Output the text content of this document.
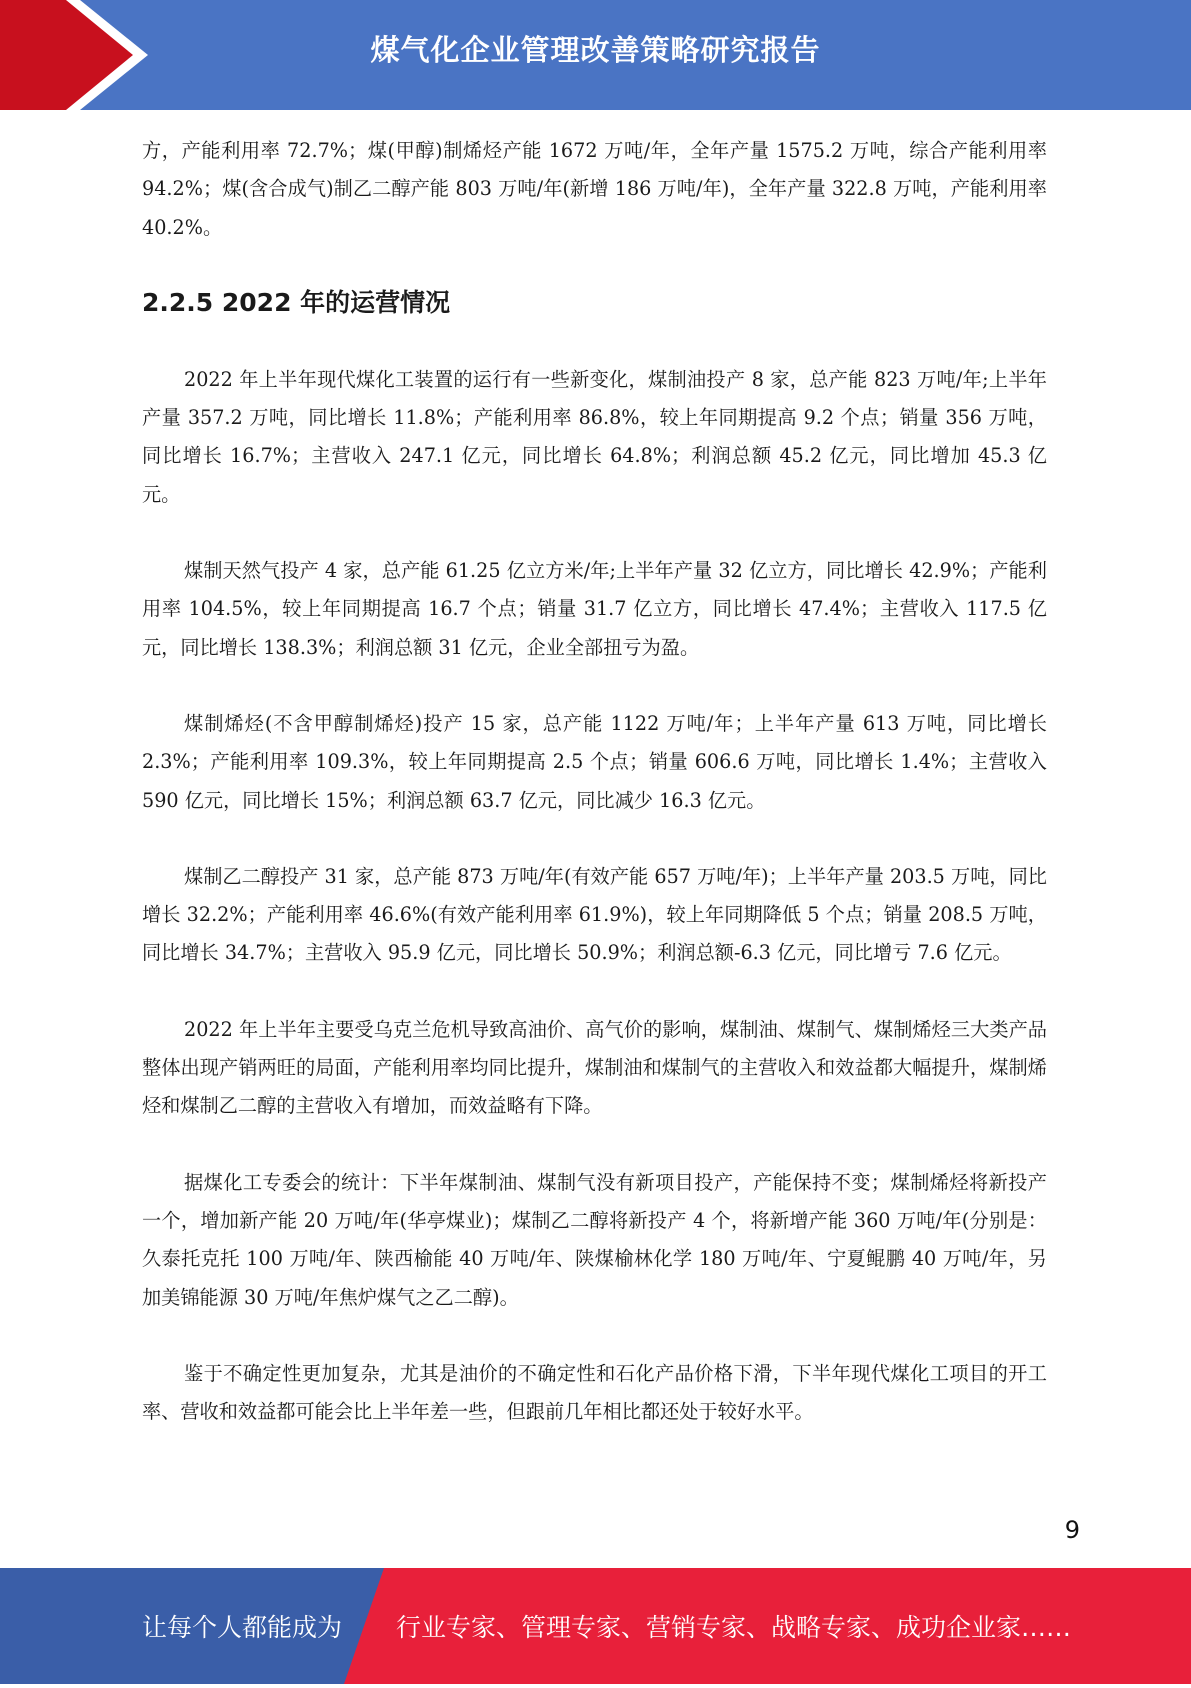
煤气化企业管理改善策略研究报告

方，产能利用率 72.7%；煤(甲醇)制烯烃产能 1672 万吨/年，全年产量 1575.2 万吨，综合产能利用率 94.2%；煤(含合成气)制乙二醇产能 803 万吨/年(新增 186 万吨/年)，全年产量 322.8 万吨，产能利用率 40.2%。

2.2.5 2022 年的运营情况

2022 年上半年现代煤化工装置的运行有一些新变化，煤制油投产 8 家，总产能 823 万吨/年;上半年产量 357.2 万吨，同比增长 11.8%；产能利用率 86.8%，较上年同期提高 9.2 个点；销量 356 万吨，同比增长 16.7%；主营收入 247.1 亿元，同比增长 64.8%；利润总额 45.2 亿元，同比增加 45.3 亿元。

煤制天然气投产 4 家，总产能 61.25 亿立方米/年;上半年产量 32 亿立方，同比增长 42.9%；产能利用率 104.5%，较上年同期提高 16.7 个点；销量 31.7 亿立方，同比增长 47.4%；主营收入 117.5 亿元，同比增长 138.3%；利润总额 31 亿元，企业全部扭亏为盈。

煤制烯烃(不含甲醇制烯烃)投产 15 家，总产能 1122 万吨/年；上半年产量 613 万吨，同比增长 2.3%；产能利用率 109.3%，较上年同期提高 2.5 个点；销量 606.6 万吨，同比增长 1.4%；主营收入 590 亿元，同比增长 15%；利润总额 63.7 亿元，同比减少 16.3 亿元。

煤制乙二醇投产 31 家，总产能 873 万吨/年(有效产能 657 万吨/年)；上半年产量 203.5 万吨，同比增长 32.2%；产能利用率 46.6%(有效产能利用率 61.9%)，较上年同期降低 5 个点；销量 208.5 万吨，同比增长 34.7%；主营收入 95.9 亿元，同比增长 50.9%；利润总额-6.3 亿元，同比增亏 7.6 亿元。

2022 年上半年主要受乌克兰危机导致高油价、高气价的影响，煤制油、煤制气、煤制烯烃三大类产品整体出现产销两旺的局面，产能利用率均同比提升，煤制油和煤制气的主营收入和效益都大幅提升，煤制烯烃和煤制乙二醇的主营收入有增加，而效益略有下降。

据煤化工专委会的统计：下半年煤制油、煤制气没有新项目投产，产能保持不变；煤制烯烃将新投产一个，增加新产能 20 万吨/年(华亭煤业)；煤制乙二醇将新投产 4 个，将新增产能 360 万吨/年(分别是：久泰托克托 100 万吨/年、陕西榆能 40 万吨/年、陕煤榆林化学 180 万吨/年、宁夏鲲鹏 40 万吨/年，另加美锦能源 30 万吨/年焦炉煤气之乙二醇)。

鉴于不确定性更加复杂，尤其是油价的不确定性和石化产品价格下滑，下半年现代煤化工项目的开工率、营收和效益都可能会比上半年差一些，但跟前几年相比都还处于较好水平。

9
让每个人都能成为 行业专家、管理专家、营销专家、战略专家、成功企业家……
